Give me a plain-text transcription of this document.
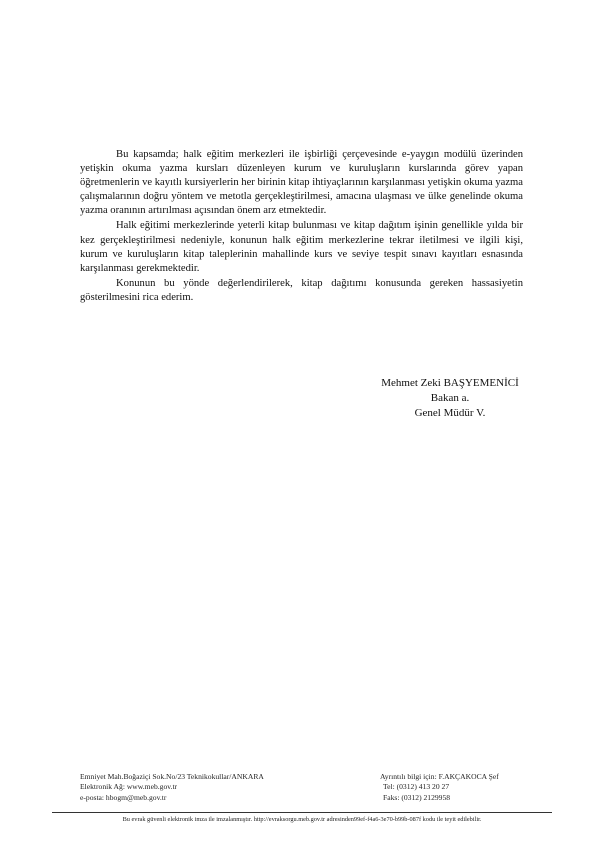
Bu kapsamda; halk eğitim merkezleri ile işbirliği çerçevesinde e-yaygın modülü üzerinden yetişkin okuma yazma kursları düzenleyen kurum ve kuruluşların kurslarında görev yapan öğretmenlerin ve kayıtlı kursiyerlerin her birinin kitap ihtiyaçlarının karşılanması yetişkin okuma yazma çalışmalarının doğru yöntem ve metotla gerçekleştirilmesi, amacına ulaşması ve ülke genelinde okuma yazma oranının artırılması açısından önem arz etmektedir.

Halk eğitimi merkezlerinde yeterli kitap bulunması ve kitap dağıtım işinin genellikle yılda bir kez gerçekleştirilmesi nedeniyle, konunun halk eğitim merkezlerine tekrar iletilmesi ve ilgili kişi, kurum ve kuruluşların kitap taleplerinin mahallinde kurs ve seviye tespit sınavı kayıtları esnasında karşılanması gerekmektedir.

Konunun bu yönde değerlendirilerek, kitap dağıtımı konusunda gereken hassasiyetin gösterilmesini rica ederim.

Mehmet Zeki BAŞYEMENİCİ
Bakan a.
Genel Müdür V.
Emniyet Mah.Boğaziçi Sok.No/23 Teknikokullar/ANKARA
Elektronik Ağ: www.meb.gov.tr
e-posta: hbogm@meb.gov.tr
Ayrıntılı bilgi için: F.AKÇAKOCA Şef
Tel: (0312) 413 20 27
Faks: (0312) 2129958
Bu evrak güvenli elektronik imza ile imzalanmıştır. http://evraksorgu.meb.gov.tr adresinden99ef-f4a6-3e70-b99b-087f kodu ile teyit edilebilir.
